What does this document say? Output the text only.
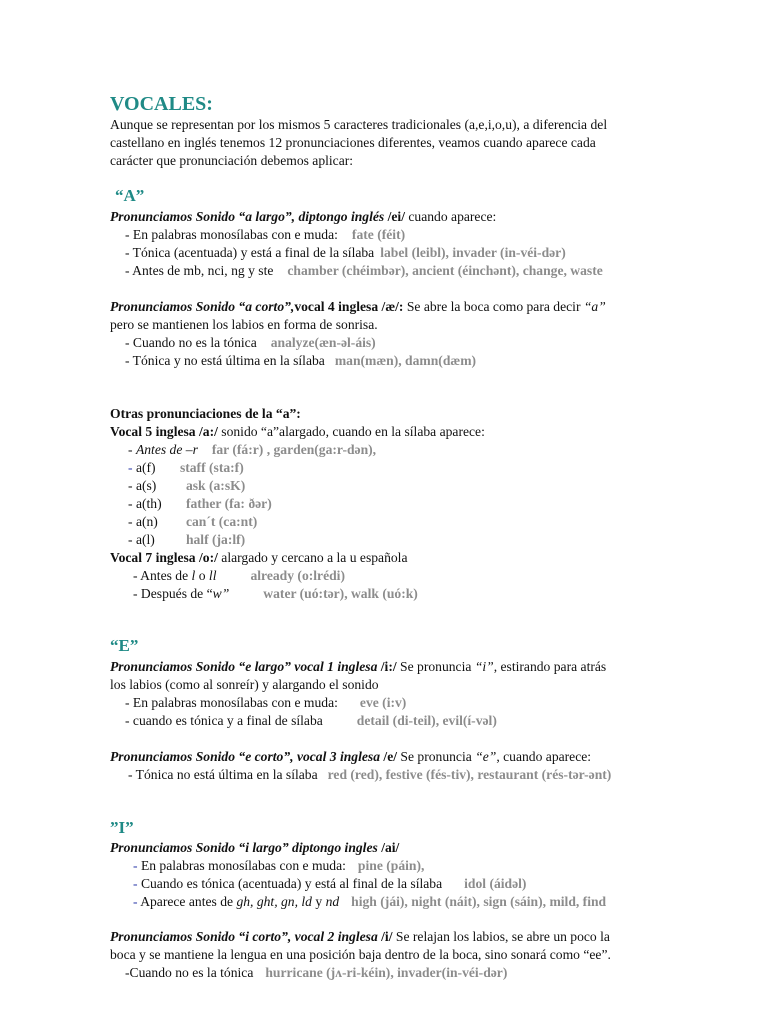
VOCALES:
Aunque se representan por los mismos 5 caracteres tradicionales (a,e,i,o,u), a diferencia del
castellano en inglés tenemos 12 pronunciaciones diferentes, veamos cuando aparece cada
carácter que pronunciación debemos aplicar:
“A”
Pronunciamos Sonido “a largo”, diptongo inglés /ei/ cuando aparece:
- En palabras monosílabas con e muda: fate (féit)
- Tónica (acentuada) y está a final de la sílaba label (leibl), invader (in-véi-dər)
- Antes de mb, nci, ng y ste chamber (chéimbər), ancient (éinchənt), change, waste
Pronunciamos Sonido “a corto”,vocal 4 inglesa /æ/: Se abre la boca como para decir “a”
pero se mantienen los labios en forma de sonrisa.
- Cuando no es la tónica analyze(æn-əl-áis)
- Tónica y no está última en la sílaba man(mæn), damn(dæm)
Otras pronunciaciones de la “a”:
Vocal 5 inglesa /a:/ sonido “a”alargado, cuando en la sílaba aparece:
- Antes de –r far (fá:r) , garden(ga:r-dən),
- a(f) staff (sta:f)
- a(s) ask (a:sK)
- a(th) father (fa: ðər)
- a(n) can´t (ca:nt)
- a(l) half (ja:lf)
Vocal 7 inglesa /o:/ alargado y cercano a la u española
- Antes de l o ll	already (o:lrédi)
- Después de “w”	water (uó:tər), walk (uó:k)
“E”
Pronunciamos Sonido “e largo” vocal 1 inglesa /i:/ Se pronuncia “i”, estirando para atrás
los labios (como al sonreír) y alargando el sonido
- En palabras monosílabas con e muda: eve (i:v)
- cuando es tónica y a final de sílaba	detail (di-teil), evil(í-vəl)
Pronunciamos Sonido “e corto”, vocal 3 inglesa /e/ Se pronuncia “e”, cuando aparece:
- Tónica no está última en la sílaba red (red), festive (fés-tiv), restaurant (rés-tər-ənt)
”I”
Pronunciamos Sonido “i largo” diptongo ingles /ai/
- En palabras monosílabas con e muda: pine (páin),
- Cuando es tónica (acentuada) y está al final de la sílaba idol (áidəl)
- Aparece antes de gh, ght, gn, ld y nd high (jái), night (náit), sign (sáin), mild, find
Pronunciamos Sonido “i corto”, vocal 2 inglesa /i/ Se relajan los labios, se abre un poco la
boca y se mantiene la lengua en una posición baja dentro de la boca, sino sonará como “ee”.
-Cuando no es la tónica hurricane (jʌ-ri-kéin), invader(in-véi-dər)
